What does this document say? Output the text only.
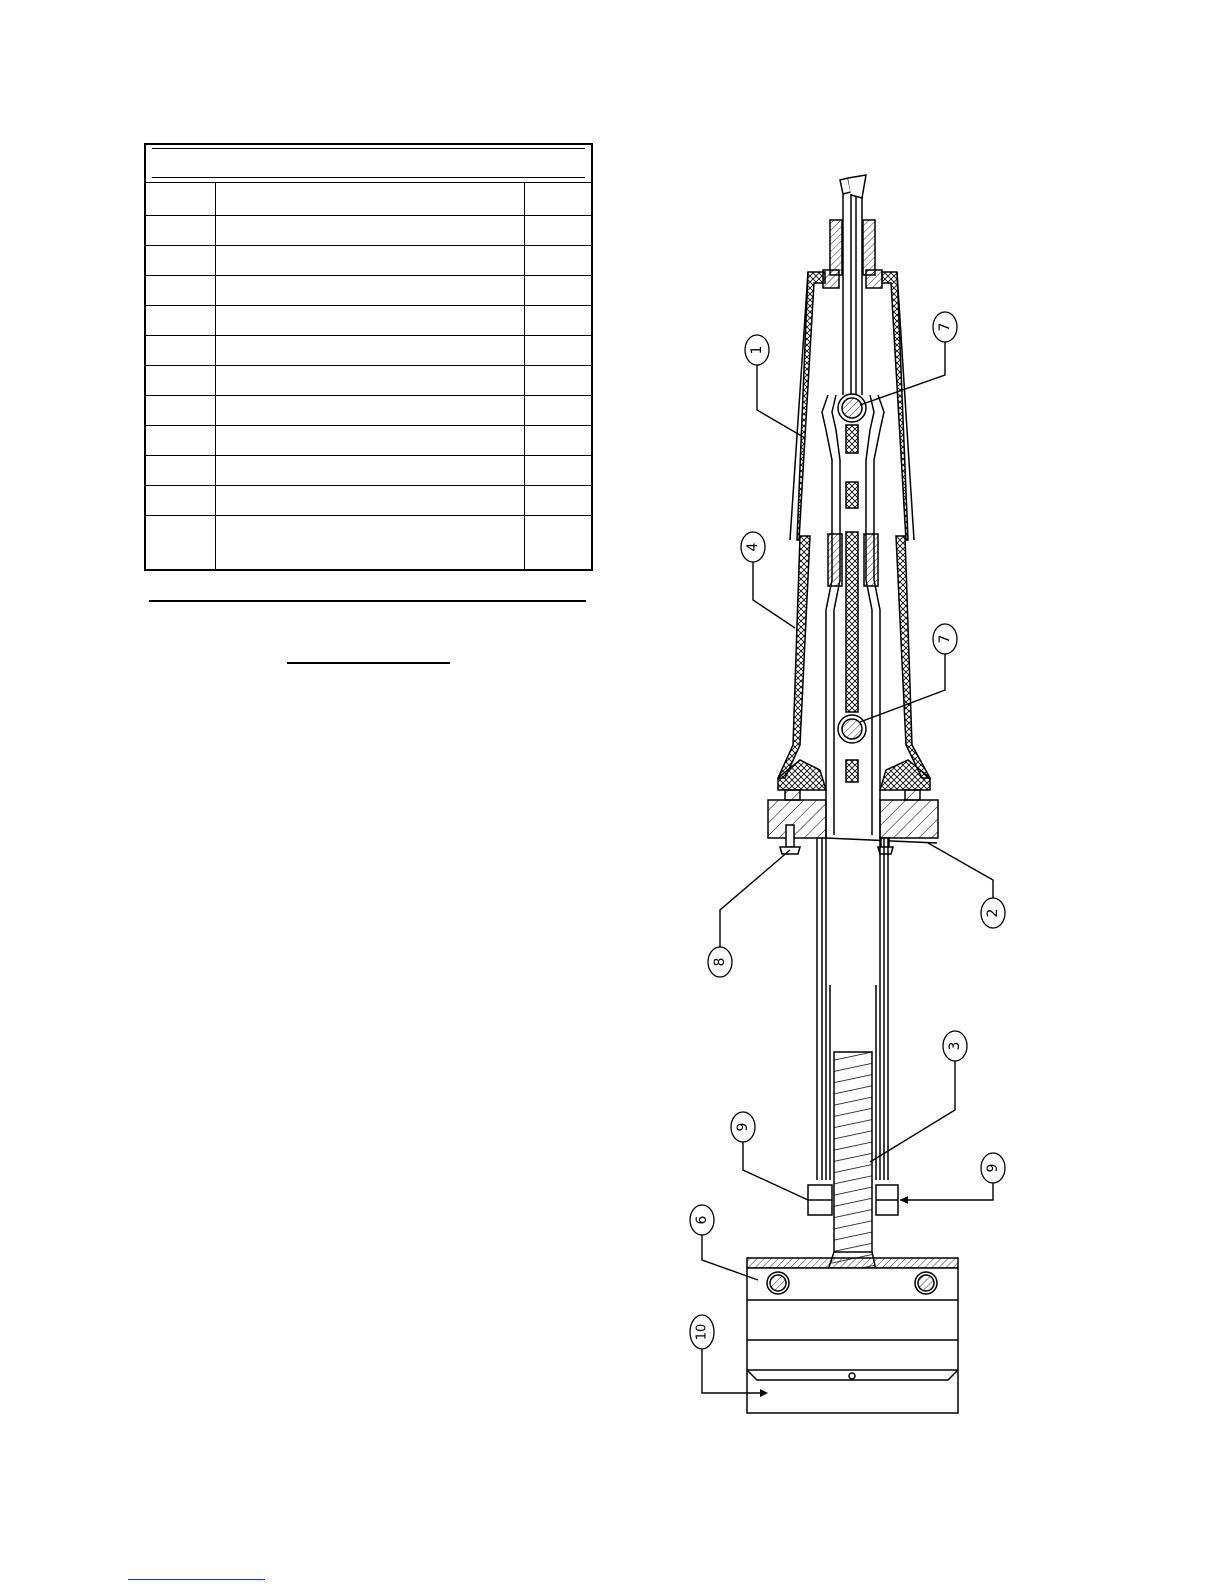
1
7
4
7
8
2
3
9
9
6
10
